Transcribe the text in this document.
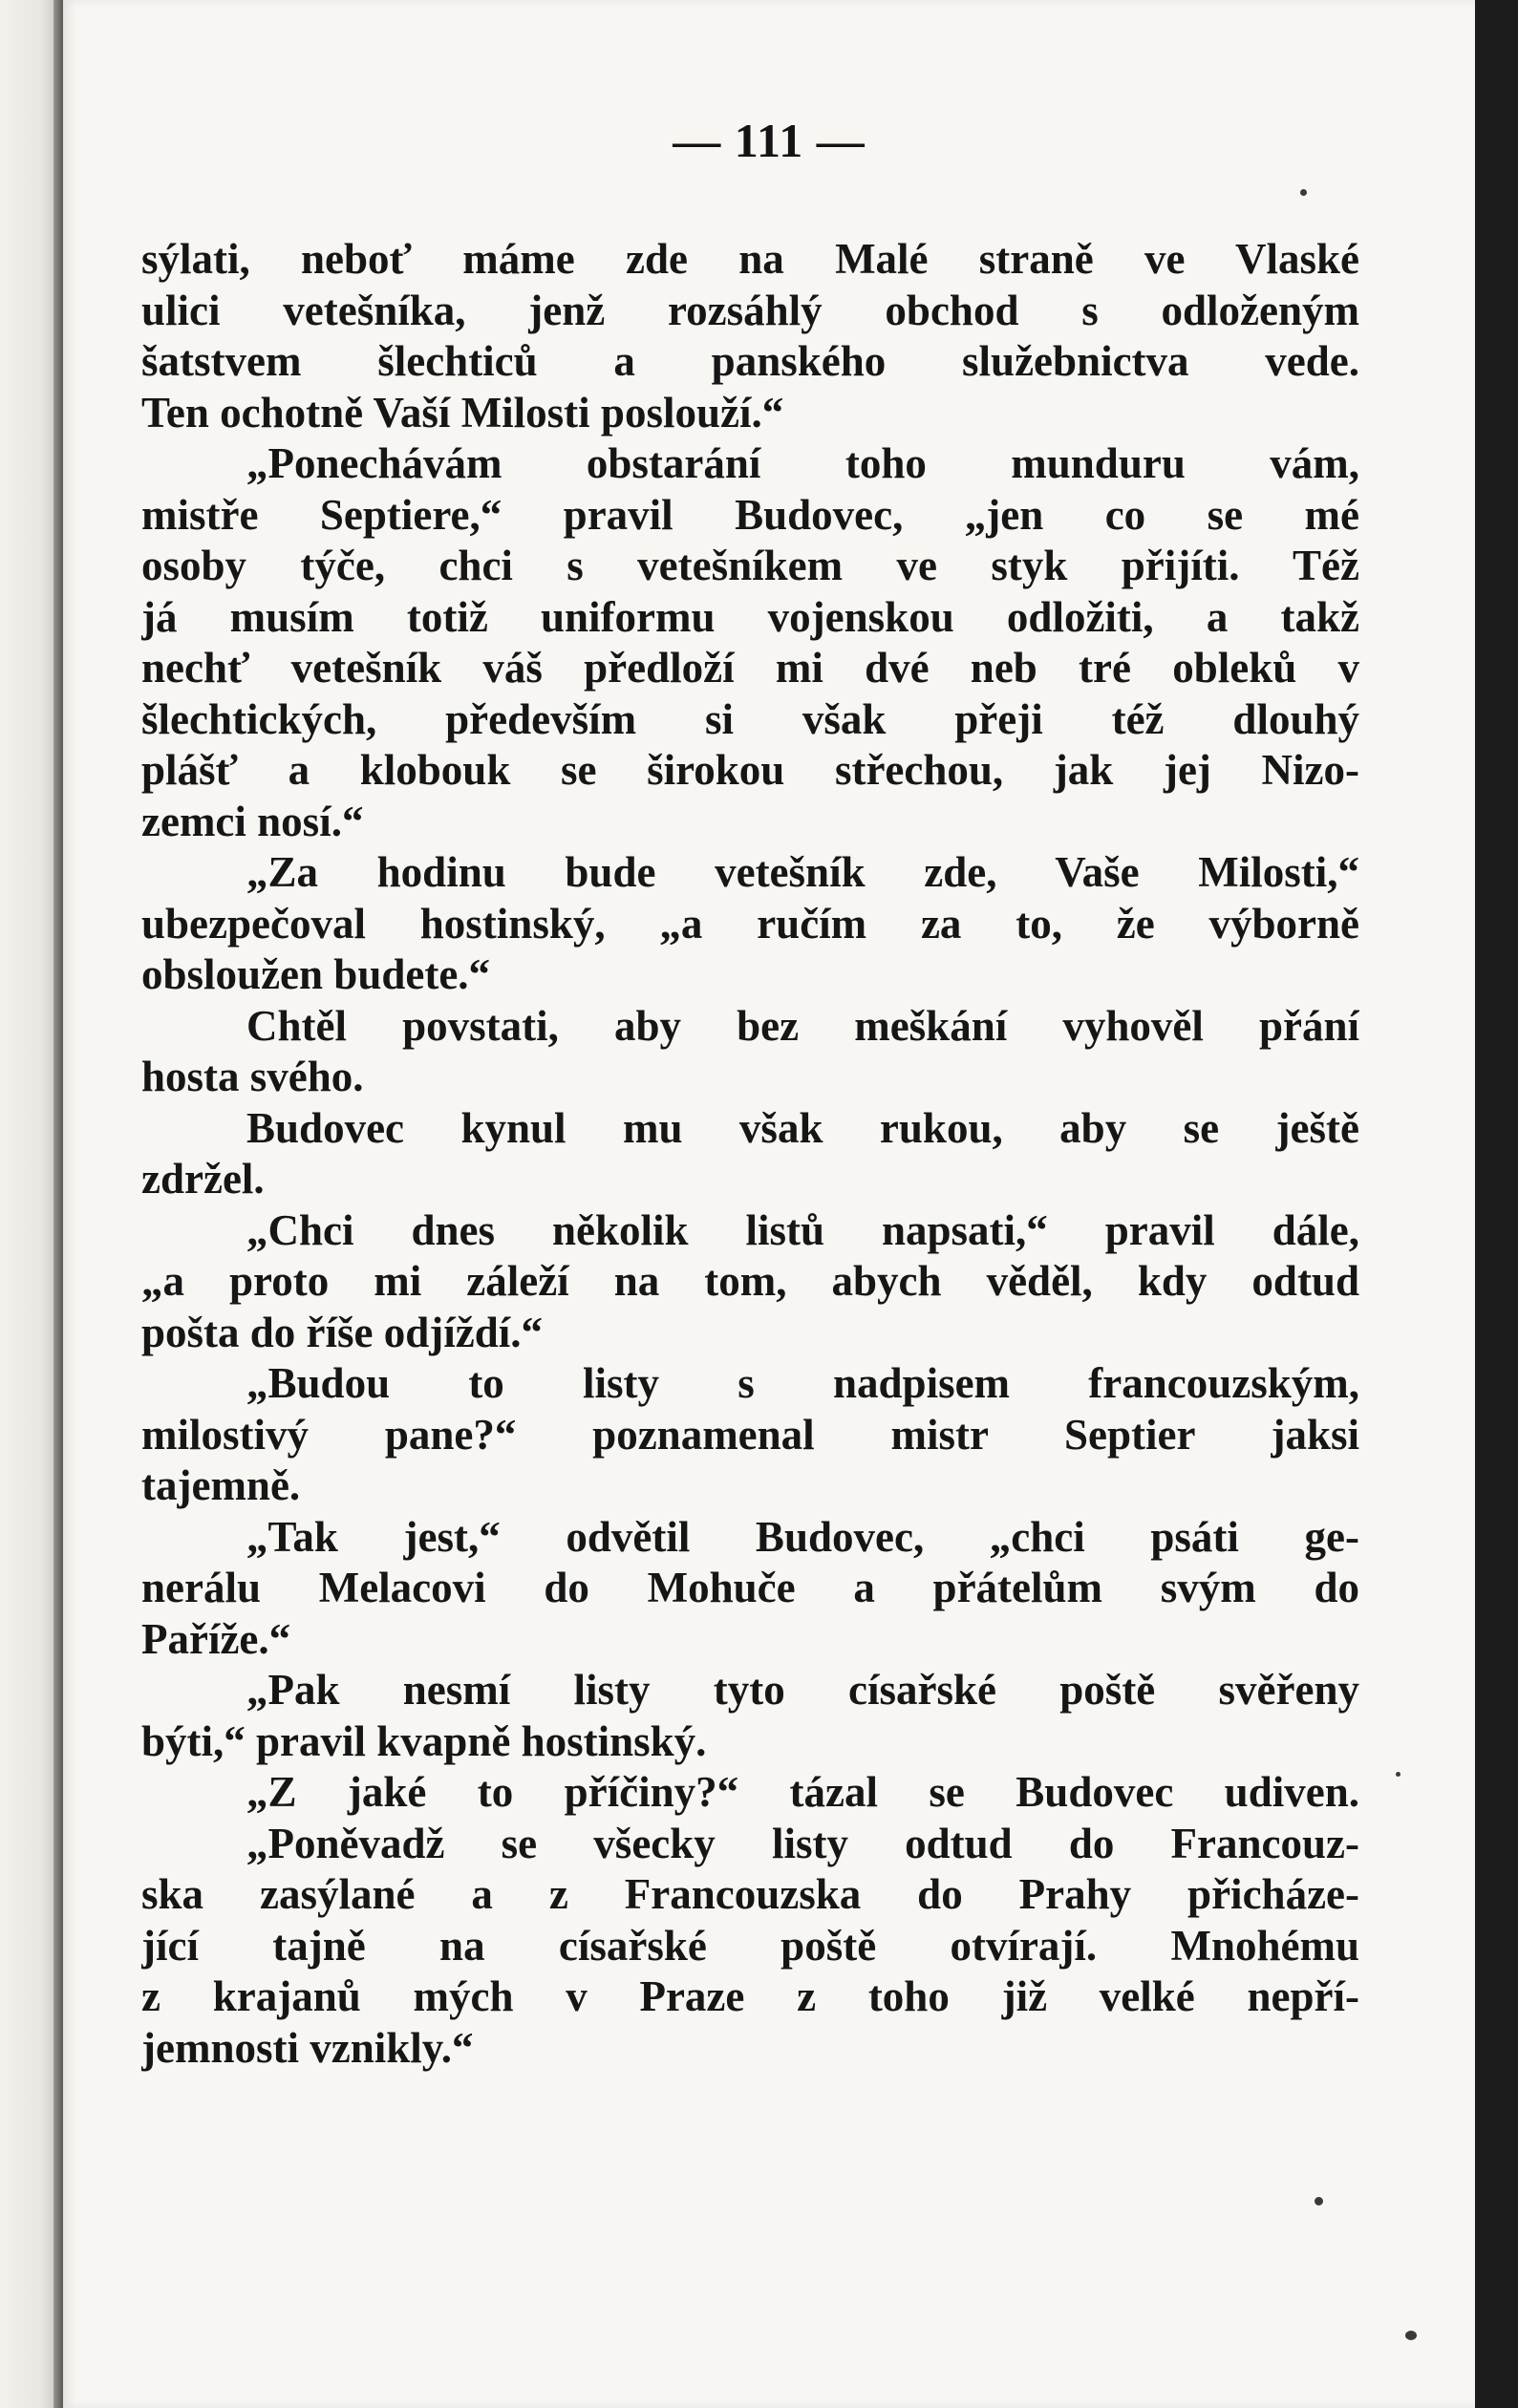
— 111 —
sýlati, neboť máme zde na Malé straně ve Vlaské
ulici vetešníka, jenž rozsáhlý obchod s odloženým
šatstvem šlechticů a panského služebnictva vede.
Ten ochotně Vaší Milosti poslouží.“
„Ponechávám obstarání toho munduru vám,
mistře Septiere,“ pravil Budovec, „jen co se mé
osoby týče, chci s vetešníkem ve styk přijíti. Též
já musím totiž uniformu vojenskou odložiti, a takž
nechť vetešník váš předloží mi dvé neb tré obleků v
šlechtických, především si však přeji též dlouhý
plášť a klobouk se širokou střechou, jak jej Nizo-
zemci nosí.“
„Za hodinu bude vetešník zde, Vaše Milosti,“
ubezpečoval hostinský, „a ručím za to, že výborně
obsloužen budete.“
Chtěl povstati, aby bez meškání vyhověl přání
hosta svého.
Budovec kynul mu však rukou, aby se ještě
zdržel.
„Chci dnes několik listů napsati,“ pravil dále,
„a proto mi záleží na tom, abych věděl, kdy odtud
pošta do říše odjíždí.“
„Budou to listy s nadpisem francouzským,
milostivý pane?“ poznamenal mistr Septier jaksi
tajemně.
„Tak jest,“ odvětil Budovec, „chci psáti ge-
nerálu Melacovi do Mohuče a přátelům svým do
Paříže.“
„Pak nesmí listy tyto císařské poště svěřeny
býti,“ pravil kvapně hostinský.
„Z jaké to příčiny?“ tázal se Budovec udiven.
„Poněvadž se všecky listy odtud do Francouz-
ska zasýlané a z Francouzska do Prahy přicháze-
jící tajně na císařské poště otvírají. Mnohému
z krajanů mých v Praze z toho již velké nepří-
jemnosti vznikly.“
